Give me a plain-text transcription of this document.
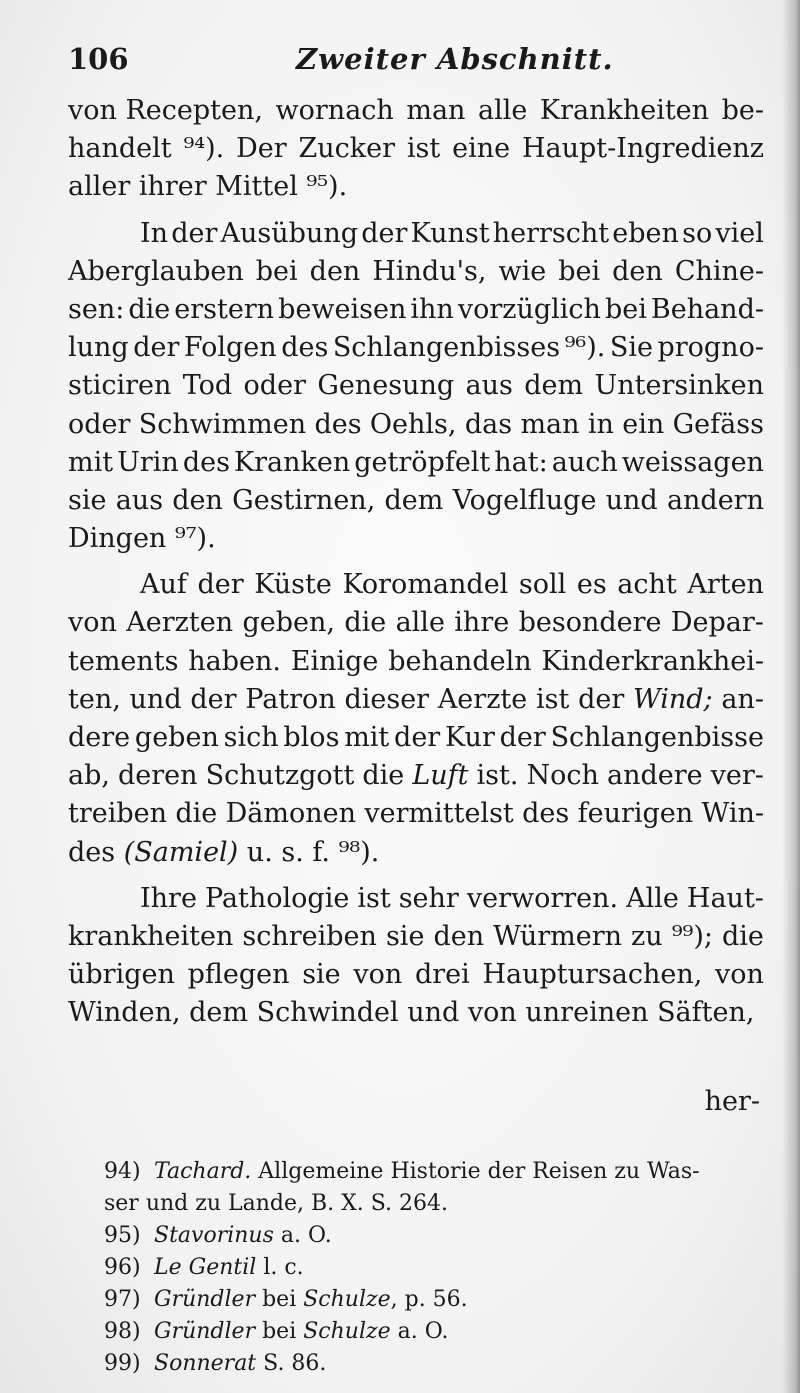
106	Zweiter Abschnitt.
von Recepten, wornach man alle Krankheiten be-
handelt ⁹⁴). Der Zucker ist eine Haupt-Ingredienz
aller ihrer Mittel ⁹⁵).
In der Ausübung der Kunst herrscht eben so viel
Aberglauben bei den Hindu's, wie bei den Chine-
sen: die erstern beweisen ihn vorzüglich bei Behand-
lung der Folgen des Schlangenbisses ⁹⁶). Sie progno-
sticiren Tod oder Genesung aus dem Untersinken
oder Schwimmen des Oehls, das man in ein Gefäss
mit Urin des Kranken getröpfelt hat: auch weissagen
sie aus den Gestirnen, dem Vogelfluge und andern
Dingen ⁹⁷).
Auf der Küste Koromandel soll es acht Arten
von Aerzten geben, die alle ihre besondere Depar-
tements haben. Einige behandeln Kinderkrankhei-
ten, und der Patron dieser Aerzte ist der Wind; an-
dere geben sich blos mit der Kur der Schlangenbisse
ab, deren Schutzgott die Luft ist. Noch andere ver-
treiben die Dämonen vermittelst des feurigen Win-
des (Samiel) u. s. f. ⁹⁸).
Ihre Pathologie ist sehr verworren. Alle Haut-
krankheiten schreiben sie den Würmern zu ⁹⁹); die
übrigen pflegen sie von drei Hauptursachen, von
Winden, dem Schwindel und von unreinen Säften,
her-
94) Tachard. Allgemeine Historie der Reisen zu Was-
ser und zu Lande, B. X. S. 264.
95) Stavorinus a. O.
96) Le Gentil l. c.
97) Gründler bei Schulze, p. 56.
98) Gründler bei Schulze a. O.
99) Sonnerat S. 86.
